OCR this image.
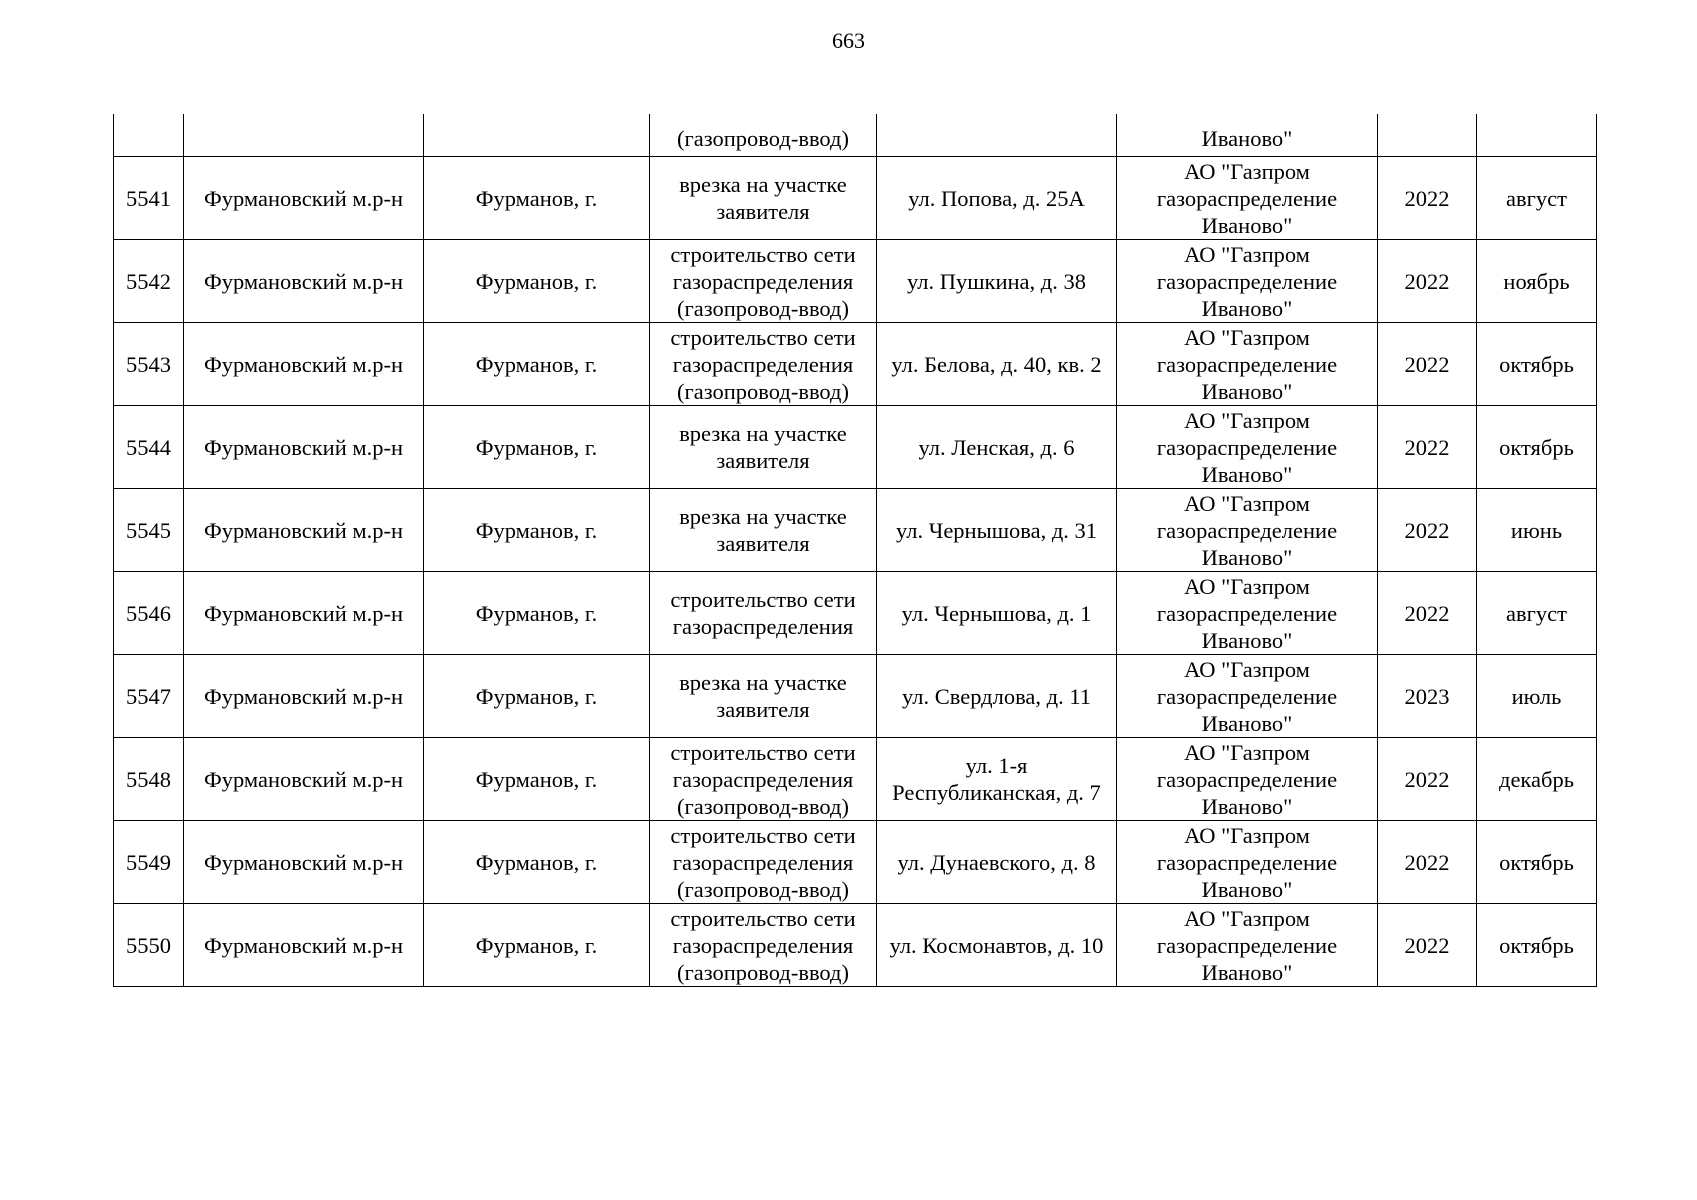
663
			(газопровод-ввод)		Иваново"		
5541	Фурмановский м.р-н	Фурманов, г.	врезка на участке заявителя	ул. Попова, д. 25А	АО "Газпром газораспределение Иваново"	2022	август
5542	Фурмановский м.р-н	Фурманов, г.	строительство сети газораспределения (газопровод-ввод)	ул. Пушкина, д. 38	АО "Газпром газораспределение Иваново"	2022	ноябрь
5543	Фурмановский м.р-н	Фурманов, г.	строительство сети газораспределения (газопровод-ввод)	ул. Белова, д. 40, кв. 2	АО "Газпром газораспределение Иваново"	2022	октябрь
5544	Фурмановский м.р-н	Фурманов, г.	врезка на участке заявителя	ул. Ленская, д. 6	АО "Газпром газораспределение Иваново"	2022	октябрь
5545	Фурмановский м.р-н	Фурманов, г.	врезка на участке заявителя	ул. Чернышова, д. 31	АО "Газпром газораспределение Иваново"	2022	июнь
5546	Фурмановский м.р-н	Фурманов, г.	строительство сети газораспределения	ул. Чернышова, д. 1	АО "Газпром газораспределение Иваново"	2022	август
5547	Фурмановский м.р-н	Фурманов, г.	врезка на участке заявителя	ул. Свердлова, д. 11	АО "Газпром газораспределение Иваново"	2023	июль
5548	Фурмановский м.р-н	Фурманов, г.	строительство сети газораспределения (газопровод-ввод)	ул. 1-я Республиканская, д. 7	АО "Газпром газораспределение Иваново"	2022	декабрь
5549	Фурмановский м.р-н	Фурманов, г.	строительство сети газораспределения (газопровод-ввод)	ул. Дунаевского, д. 8	АО "Газпром газораспределение Иваново"	2022	октябрь
5550	Фурмановский м.р-н	Фурманов, г.	строительство сети газораспределения (газопровод-ввод)	ул. Космонавтов, д. 10	АО "Газпром газораспределение Иваново"	2022	октябрь
